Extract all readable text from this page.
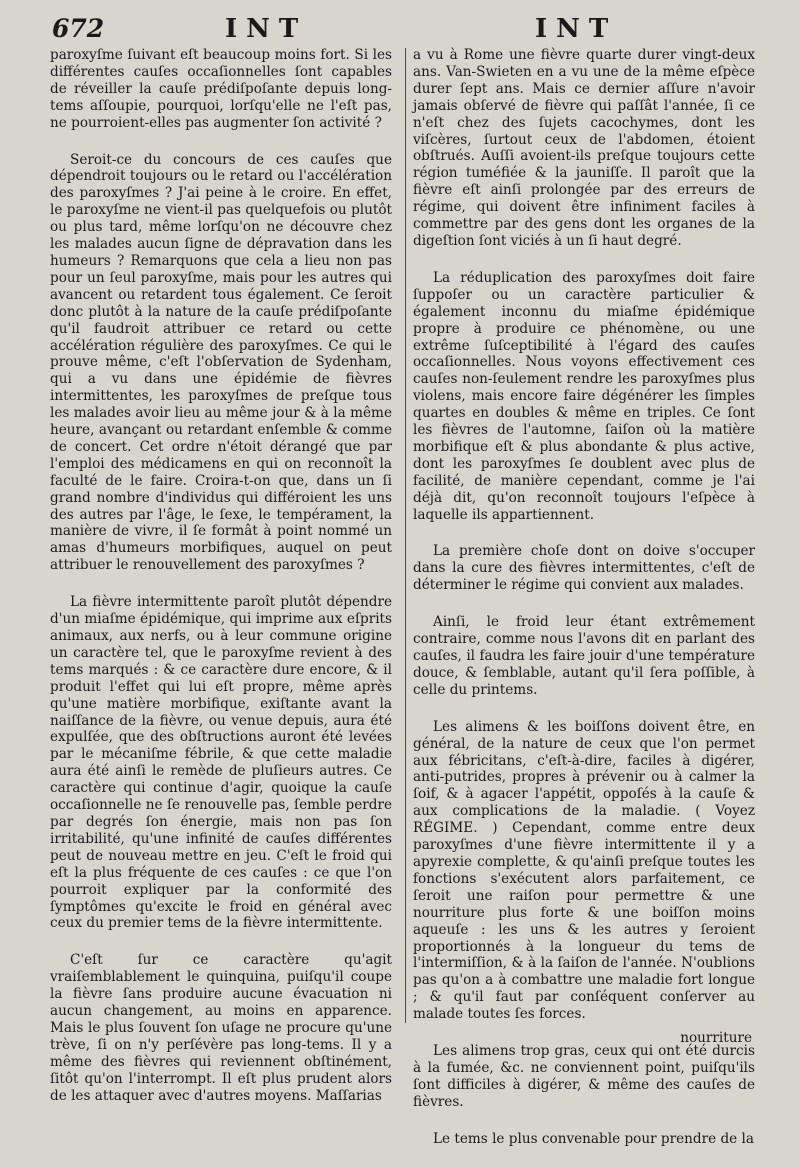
672	INT	INT

paroxyſme ſuivant eſt beaucoup moins fort. Si les différentes cauſes occaſionnelles ſont capables de réveiller la cauſe prédiſpoſante depuis long-tems aſſoupie, pourquoi, lorſqu'elle ne l'eſt pas, ne pourroient-elles pas augmenter ſon activité ?

Seroit-ce du concours de ces cauſes que dépendroit toujours ou le retard ou l'accélération des paroxyſmes ? J'ai peine à le croire. En effet, le paroxyſme ne vient-il pas quelquefois ou plutôt ou plus tard, même lorſqu'on ne découvre chez les malades aucun ſigne de dépravation dans les humeurs ? Remarquons que cela a lieu non pas pour un ſeul paroxyſme, mais pour les autres qui avancent ou retardent tous également. Ce ſeroit donc plutôt à la nature de la cauſe prédiſpoſante qu'il faudroit attribuer ce retard ou cette accélération régulière des paroxyſmes. Ce qui le prouve même, c'eſt l'obſervation de Sydenham, qui a vu dans une épidémie de fièvres intermittentes, les paroxyſmes de preſque tous les malades avoir lieu au même jour & à la même heure, avançant ou retardant enſemble & comme de concert. Cet ordre n'étoit dérangé que par l'emploi des médicamens en qui on reconnoît la faculté de le faire. Croira-t-on que, dans un ſi grand nombre d'individus qui différoient les uns des autres par l'âge, le ſexe, le tempérament, la manière de vivre, il ſe formât à point nommé un amas d'humeurs morbifiques, auquel on peut attribuer le renouvellement des paroxyſmes ?

La fièvre intermittente paroît plutôt dépendre d'un miaſme épidémique, qui imprime aux eſprits animaux, aux nerfs, ou à leur commune origine un caractère tel, que le paroxyſme revient à des tems marqués : & ce caractère dure encore, & il produit l'effet qui lui eſt propre, même après qu'une matière morbifique, exiſtante avant la naiſſance de la fièvre, ou venue depuis, aura été expulſée, que des obſtructions auront été levées par le mécaniſme fébrile, & que cette maladie aura été ainſi le remède de pluſieurs autres. Ce caractère qui continue d'agir, quoique la cauſe occaſionnelle ne ſe renouvelle pas, ſemble perdre par degrés ſon énergie, mais non pas ſon irritabilité, qu'une infinité de cauſes différentes peut de nouveau mettre en jeu. C'eſt le froid qui eſt la plus fréquente de ces cauſes : ce que l'on pourroit expliquer par la conformité des ſymptômes qu'excite le froid en général avec ceux du premier tems de la fièvre intermittente.

C'eſt ſur ce caractère qu'agit vraiſemblablement le quinquina, puiſqu'il coupe la fièvre ſans produire aucune évacuation ni aucun changement, au moins en apparence. Mais le plus ſouvent ſon uſage ne procure qu'une trève, ſi on n'y perſévère pas long-tems. Il y a même des fièvres qui reviennent obſtinément, ſitôt qu'on l'interrompt. Il eſt plus prudent alors de les attaquer avec d'autres moyens. Maſſarias

a vu à Rome une fièvre quarte durer vingt-deux ans. Van-Swieten en a vu une de la même eſpèce durer ſept ans. Mais ce dernier aſſure n'avoir jamais obſervé de fièvre qui paſſât l'année, ſi ce n'eſt chez des ſujets cacochymes, dont les viſcères, ſurtout ceux de l'abdomen, étoient obſtrués. Auſſi avoient-ils preſque toujours cette région tuméfiée & la jauniſſe. Il paroît que la fièvre eſt ainſi prolongée par des erreurs de régime, qui doivent être infiniment faciles à commettre par des gens dont les organes de la digeſtion ſont viciés à un ſi haut degré.

La réduplication des paroxyſmes doit faire ſuppoſer ou un caractère particulier & également inconnu du miaſme épidémique propre à produire ce phénomène, ou une extrême ſuſceptibilité à l'égard des cauſes occaſionnelles. Nous voyons effectivement ces cauſes non-ſeulement rendre les paroxyſmes plus violens, mais encore faire dégénérer les ſimples quartes en doubles & même en triples. Ce ſont les fièvres de l'automne, ſaiſon où la matière morbifique eſt & plus abondante & plus active, dont les paroxyſmes ſe doublent avec plus de facilité, de manière cependant, comme je l'ai déjà dit, qu'on reconnoît toujours l'eſpèce à laquelle ils appartiennent.

La première choſe dont on doive s'occuper dans la cure des fièvres intermittentes, c'eſt de déterminer le régime qui convient aux malades.

Ainſi, le froid leur étant extrêmement contraire, comme nous l'avons dit en parlant des cauſes, il faudra les faire jouir d'une température douce, & ſemblable, autant qu'il ſera poſſible, à celle du printems.

Les alimens & les boiſſons doivent être, en général, de la nature de ceux que l'on permet aux fébricitans, c'eſt-à-dire, faciles à digérer, anti-putrides, propres à prévenir ou à calmer la ſoif, & à agacer l'appétit, oppoſés à la cauſe & aux complications de la maladie. ( Voyez RÉGIME. ) Cependant, comme entre deux paroxyſmes d'une fièvre intermittente il y a apyrexie complette, & qu'ainſi preſque toutes les fonctions s'exécutent alors parfaitement, ce ſeroit une raiſon pour permettre & une nourriture plus forte & une boiſſon moins aqueuſe : les uns & les autres y ſeroient proportionnés à la longueur du tems de l'intermiſſion, & à la ſaiſon de l'année. N'oublions pas qu'on a à combattre une maladie fort longue ; & qu'il faut par conſéquent conſerver au malade toutes ſes forces.

Les alimens trop gras, ceux qui ont été durcis à la fumée, &c. ne conviennent point, puiſqu'ils ſont difficiles à digérer, & même des cauſes de fièvres.

Le tems le plus convenable pour prendre de la

nourriture
